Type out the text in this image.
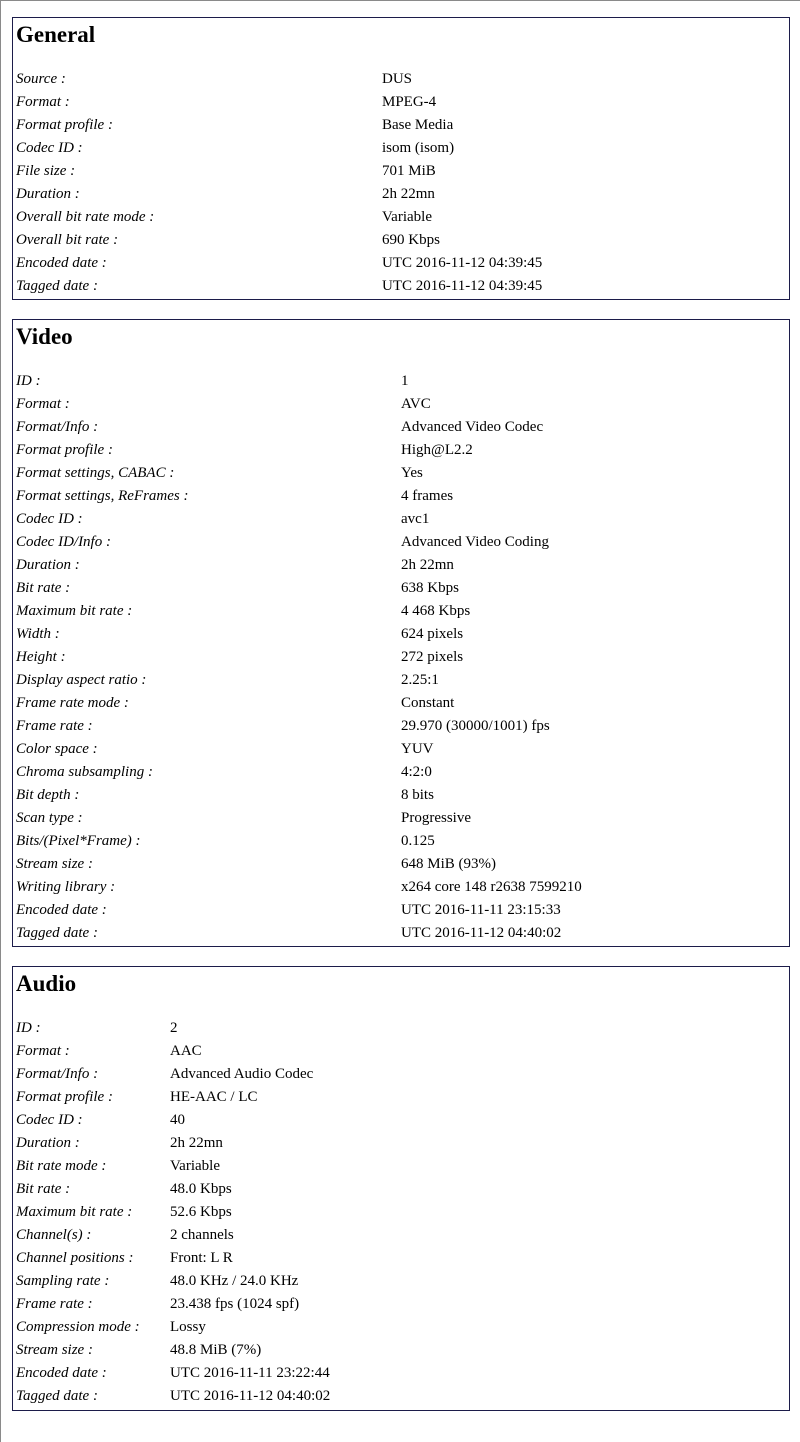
General
Source :	DUS
Format :	MPEG-4
Format profile :	Base Media
Codec ID :	isom (isom)
File size :	701 MiB
Duration :	2h 22mn
Overall bit rate mode :	Variable
Overall bit rate :	690 Kbps
Encoded date :	UTC 2016-11-12 04:39:45
Tagged date :	UTC 2016-11-12 04:39:45
Video
ID :	1
Format :	AVC
Format/Info :	Advanced Video Codec
Format profile :	High@L2.2
Format settings, CABAC :	Yes
Format settings, ReFrames :	4 frames
Codec ID :	avc1
Codec ID/Info :	Advanced Video Coding
Duration :	2h 22mn
Bit rate :	638 Kbps
Maximum bit rate :	4 468 Kbps
Width :	624 pixels
Height :	272 pixels
Display aspect ratio :	2.25:1
Frame rate mode :	Constant
Frame rate :	29.970 (30000/1001) fps
Color space :	YUV
Chroma subsampling :	4:2:0
Bit depth :	8 bits
Scan type :	Progressive
Bits/(Pixel*Frame) :	0.125
Stream size :	648 MiB (93%)
Writing library :	x264 core 148 r2638 7599210
Encoded date :	UTC 2016-11-11 23:15:33
Tagged date :	UTC 2016-11-12 04:40:02
Audio
ID :	2
Format :	AAC
Format/Info :	Advanced Audio Codec
Format profile :	HE-AAC / LC
Codec ID :	40
Duration :	2h 22mn
Bit rate mode :	Variable
Bit rate :	48.0 Kbps
Maximum bit rate :	52.6 Kbps
Channel(s) :	2 channels
Channel positions : Front: L R
Sampling rate :	48.0 KHz / 24.0 KHz
Frame rate :	23.438 fps (1024 spf)
Compression mode : Lossy
Stream size :	48.8 MiB (7%)
Encoded date :	UTC 2016-11-11 23:22:44
Tagged date :	UTC 2016-11-12 04:40:02
